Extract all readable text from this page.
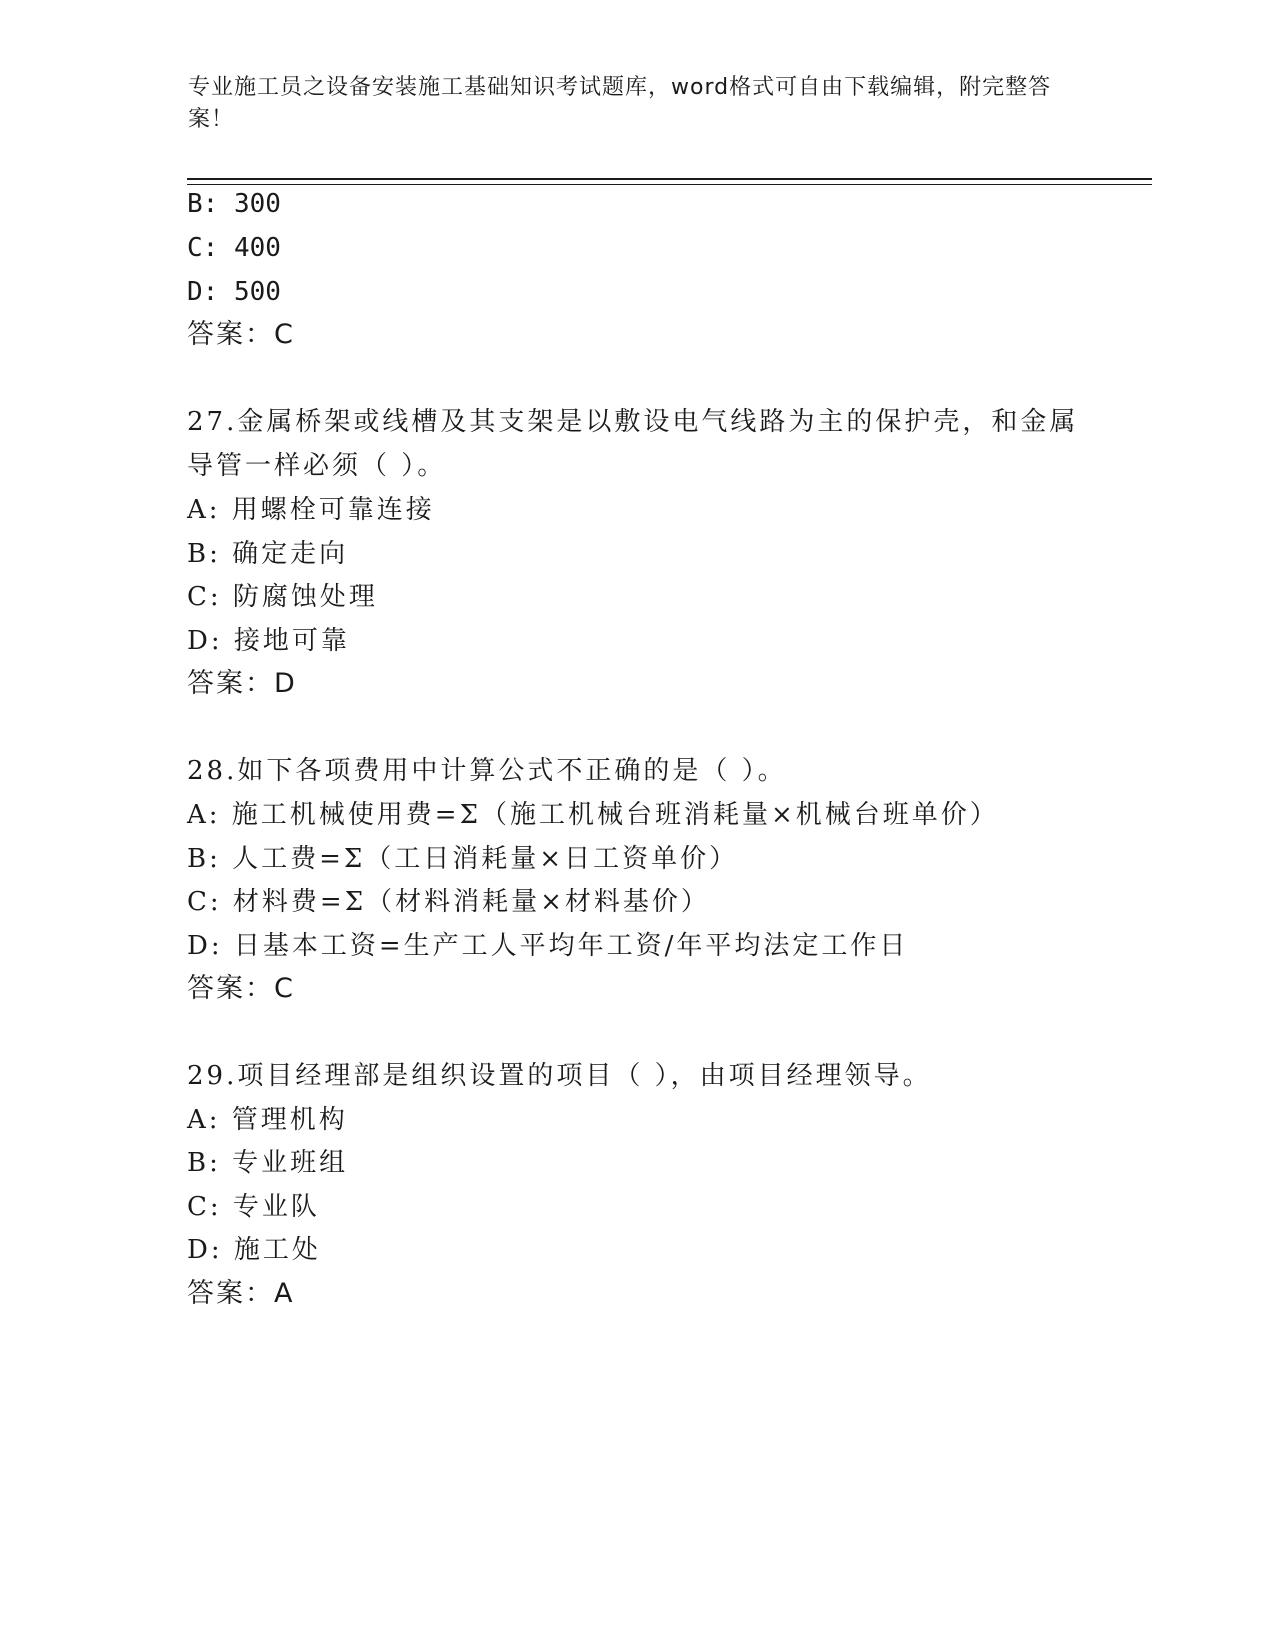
专业施工员之设备安装施工基础知识考试题库，word格式可自由下载编辑，附完整答案！
B: 300
C: 400
D: 500
答案：C
27.金属桥架或线槽及其支架是以敷设电气线路为主的保护壳，和金属
导管一样必须（ ）。
A: 用螺栓可靠连接
B: 确定走向
C: 防腐蚀处理
D: 接地可靠
答案：D
28.如下各项费用中计算公式不正确的是（ ）。
A: 施工机械使用费=Σ（施工机械台班消耗量×机械台班单价）
B: 人工费=Σ（工日消耗量×日工资单价）
C: 材料费=Σ（材料消耗量×材料基价）
D: 日基本工资=生产工人平均年工资/年平均法定工作日
答案：C
29.项目经理部是组织设置的项目（ ），由项目经理领导。
A: 管理机构
B: 专业班组
C: 专业队
D: 施工处
答案：A
